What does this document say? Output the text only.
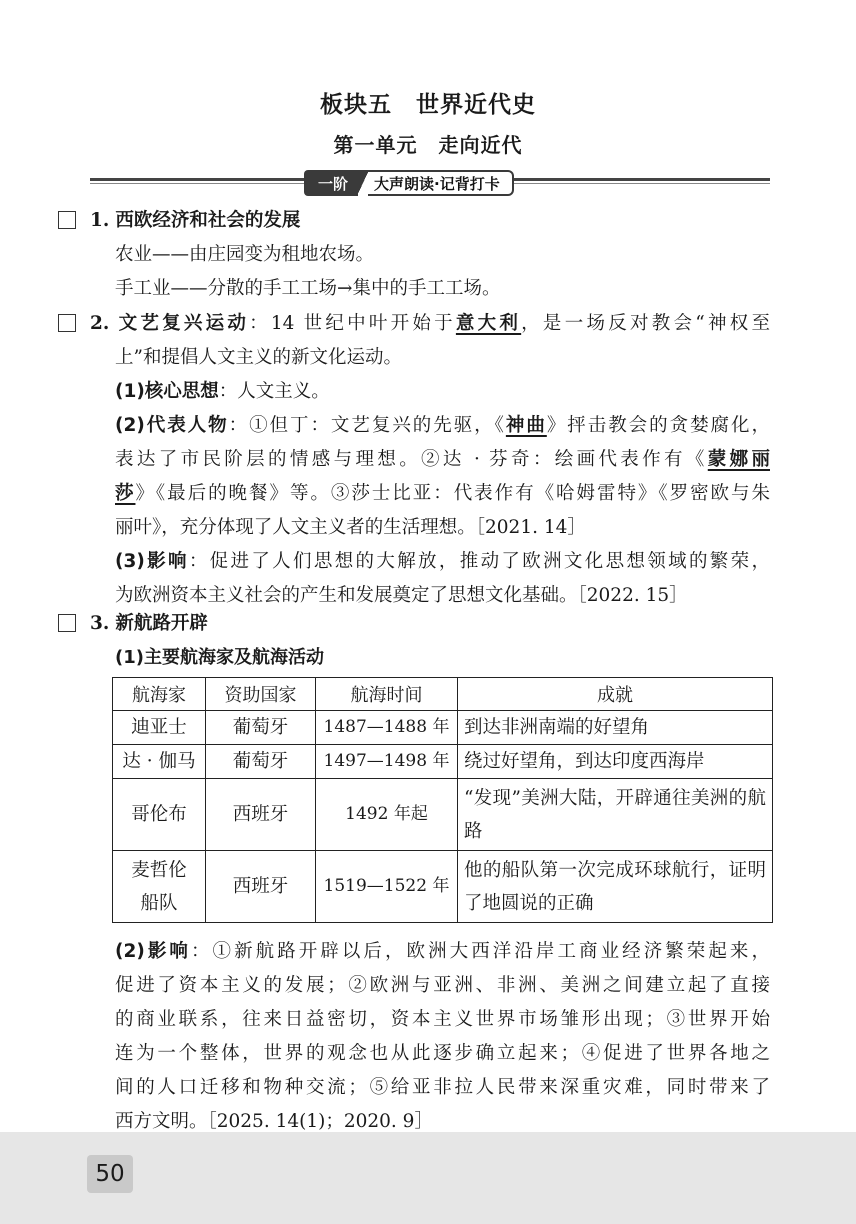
板块五　世界近代史
第一单元　走向近代
一阶	大声朗读·记背打卡
1. 西欧经济和社会的发展
农业——由庄园变为租地农场。
手工业——分散的手工工场→集中的手工工场。
2. 文艺复兴运动：14 世纪中叶开始于意大利，是一场反对教会“神权至
上”和提倡人文主义的新文化运动。
(1)核心思想：人文主义。
(2)代表人物：①但丁：文艺复兴的先驱，《神曲》抨击教会的贪婪腐化，
表达了市民阶层的情感与理想。②达 · 芬奇：绘画代表作有《蒙娜丽
莎》《最后的晚餐》等。③莎士比亚：代表作有《哈姆雷特》《罗密欧与朱
丽叶》，充分体现了人文主义者的生活理想。［2021. 14］
(3)影响：促进了人们思想的大解放，推动了欧洲文化思想领域的繁荣，
为欧洲资本主义社会的产生和发展奠定了思想文化基础。［2022. 15］
3. 新航路开辟
(1)主要航海家及航海活动
航海家	资助国家	航海时间	成就
迪亚士	葡萄牙	1487—1488 年	到达非洲南端的好望角
达 · 伽马	葡萄牙	1497—1498 年	绕过好望角，到达印度西海岸
哥伦布	西班牙	1492 年起	“发现”美洲大陆，开辟通往美洲的航路
麦哲伦船队	西班牙	1519—1522 年	他的船队第一次完成环球航行，证明了地圆说的正确
(2)影响：①新航路开辟以后，欧洲大西洋沿岸工商业经济繁荣起来，
促进了资本主义的发展；②欧洲与亚洲、非洲、美洲之间建立起了直接
的商业联系，往来日益密切，资本主义世界市场雏形出现；③世界开始
连为一个整体，世界的观念也从此逐步确立起来；④促进了世界各地之
间的人口迁移和物种交流；⑤给亚非拉人民带来深重灾难，同时带来了
西方文明。［2025. 14(1)；2020. 9］
50
